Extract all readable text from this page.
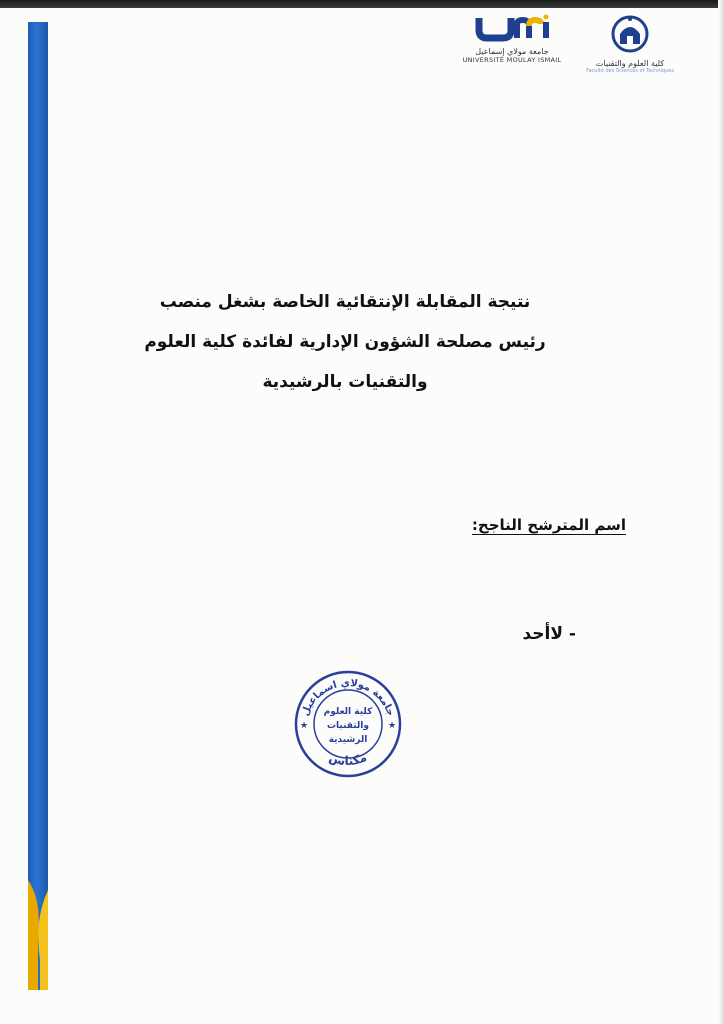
جامعة مولاي إسماعيل
UNIVERSITÉ MOULAY ISMAIL	كلية العلوم والتقنيات
Faculté des Sciences et Techniques
نتيجة المقابلة الإنتقائية الخاصة بشغل منصب
رئيس مصلحة الشؤون الإدارية لفائدة كلية العلوم
والتقنيات بالرشيدية
اسم المترشح الناجح:
- لاأحد
جامعة مولاي اسماعيل
كلية العلوم
والتقنيات
الرشيدية
★	★
مكناس
